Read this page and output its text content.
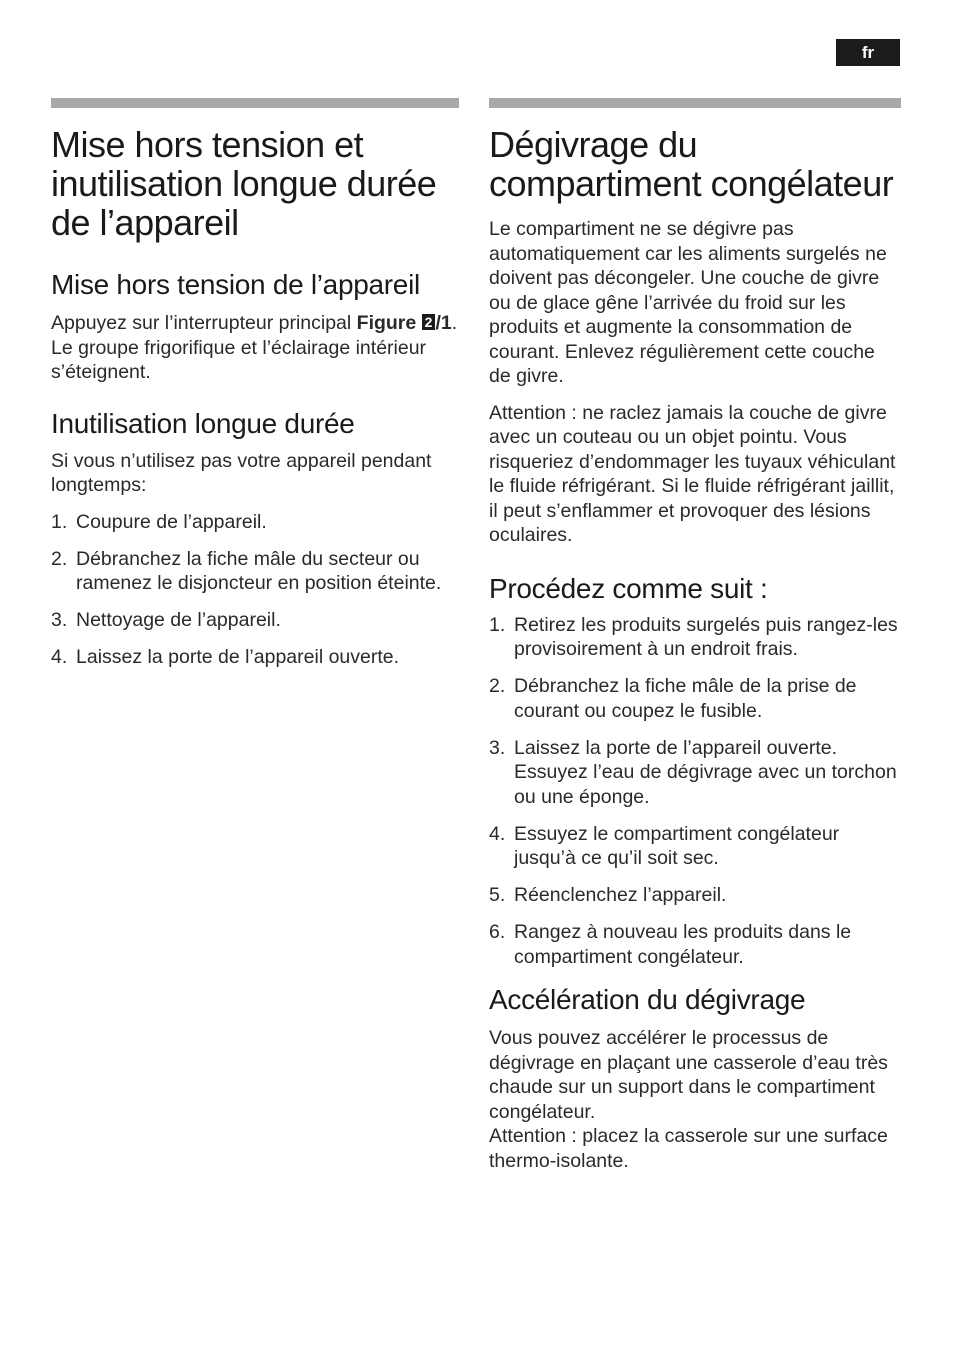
fr
Mise hors tension et inutilisation longue durée de l’appareil
Mise hors tension de l’appareil

Appuyez sur l’interrupteur principal Figure 2 /1. Le groupe frigorifique et l’éclairage intérieur s’éteignent.

Inutilisation longue durée

Si vous n’utilisez pas votre appareil pendant longtemps:

1. Coupure de l’appareil.
2. Débranchez la fiche mâle du secteur ou ramenez le disjoncteur en position éteinte.
3. Nettoyage de l’appareil.
4. Laissez la porte de l’appareil ouverte.
Dégivrage du compartiment congélateur

Le compartiment ne se dégivre pas automatiquement car les aliments surgelés ne doivent pas décongeler. Une couche de givre ou de glace gêne l’arrivée du froid sur les produits et augmente la consommation de courant. Enlevez régulièrement cette couche de givre.

Attention : ne raclez jamais la couche de givre avec un couteau ou un objet pointu. Vous risqueriez d’endommager les tuyaux véhiculant le fluide réfrigérant. Si le fluide réfrigérant jaillit, il peut s’enflammer et provoquer des lésions oculaires.

Procédez comme suit :
1. Retirez les produits surgelés puis rangez-les provisoirement à un endroit frais.
2. Débranchez la fiche mâle de la prise de courant ou coupez le fusible.
3. Laissez la porte de l’appareil ouverte. Essuyez l’eau de dégivrage avec un torchon ou une éponge.
4. Essuyez le compartiment congélateur jusqu’à ce qu’il soit sec.
5. Réenclenchez l’appareil.
6. Rangez à nouveau les produits dans le compartiment congélateur.
Accélération du dégivrage

Vous pouvez accélérer le processus de dégivrage en plaçant une casserole d’eau très chaude sur un support dans le compartiment congélateur.

Attention : placez la casserole sur une surface thermo-isolante.
